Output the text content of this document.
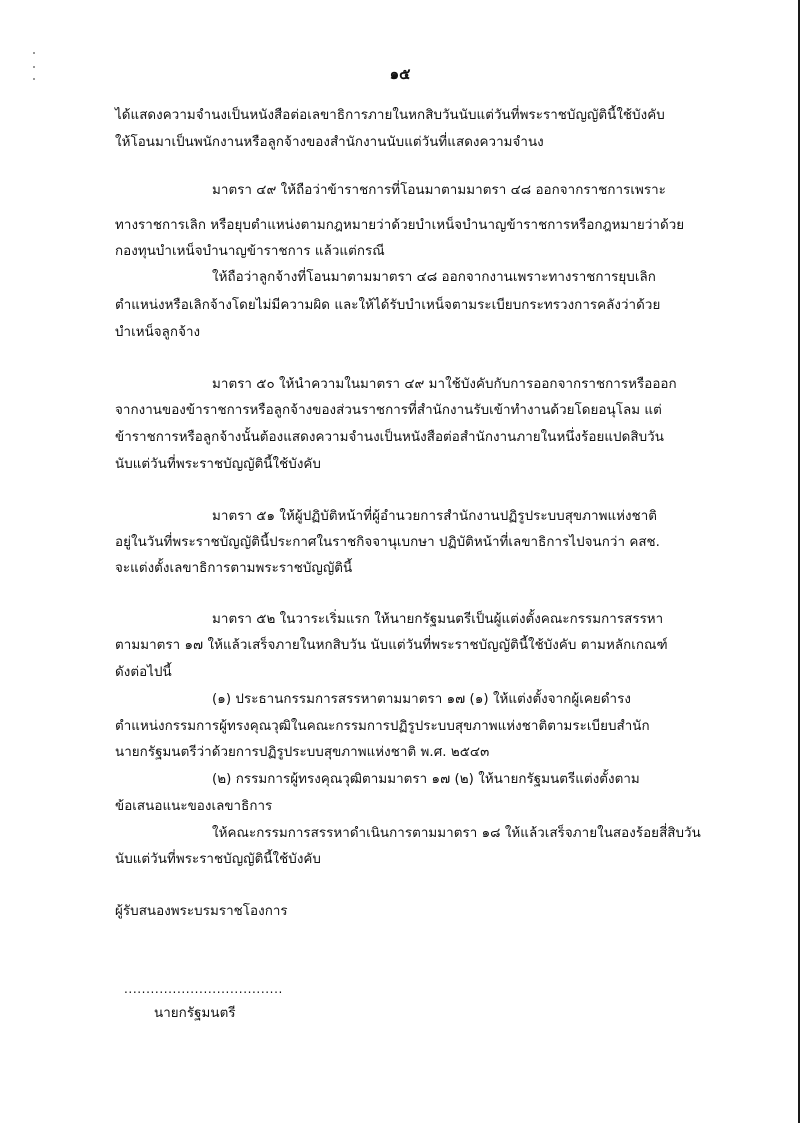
๑๕
ได้แสดงความจำนงเป็นหนังสือต่อเลขาธิการภายในหกสิบวันนับแต่วันที่พระราชบัญญัตินี้ใช้บังคับ
ให้โอนมาเป็นพนักงานหรือลูกจ้างของสำนักงานนับแต่วันที่แสดงความจำนง
มาตรา ๔๙ ให้ถือว่าข้าราชการที่โอนมาตามมาตรา ๔๘ ออกจากราชการเพราะ
ทางราชการเลิก หรือยุบตำแหน่งตามกฎหมายว่าด้วยบำเหน็จบำนาญข้าราชการหรือกฎหมายว่าด้วย
กองทุนบำเหน็จบำนาญข้าราชการ แล้วแต่กรณี
ให้ถือว่าลูกจ้างที่โอนมาตามมาตรา ๔๘ ออกจากงานเพราะทางราชการยุบเลิก
ตำแหน่งหรือเลิกจ้างโดยไม่มีความผิด และให้ได้รับบำเหน็จตามระเบียบกระทรวงการคลังว่าด้วย
บำเหน็จลูกจ้าง
มาตรา ๕๐ ให้นำความในมาตรา ๔๙ มาใช้บังคับกับการออกจากราชการหรือออก
จากงานของข้าราชการหรือลูกจ้างของส่วนราชการที่สำนักงานรับเข้าทำงานด้วยโดยอนุโลม แต่
ข้าราชการหรือลูกจ้างนั้นต้องแสดงความจำนงเป็นหนังสือต่อสำนักงานภายในหนึ่งร้อยแปดสิบวัน
นับแต่วันที่พระราชบัญญัตินี้ใช้บังคับ
มาตรา ๕๑ ให้ผู้ปฏิบัติหน้าที่ผู้อำนวยการสำนักงานปฏิรูประบบสุขภาพแห่งชาติ
อยู่ในวันที่พระราชบัญญัตินี้ประกาศในราชกิจจานุเบกษา ปฏิบัติหน้าที่เลขาธิการไปจนกว่า คสช.
จะแต่งตั้งเลขาธิการตามพระราชบัญญัตินี้
มาตรา ๕๒ ในวาระเริ่มแรก ให้นายกรัฐมนตรีเป็นผู้แต่งตั้งคณะกรรมการสรรหา
ตามมาตรา ๑๗ ให้แล้วเสร็จภายในหกสิบวัน นับแต่วันที่พระราชบัญญัตินี้ใช้บังคับ ตามหลักเกณฑ์
ดังต่อไปนี้
(๑) ประธานกรรมการสรรหาตามมาตรา ๑๗ (๑) ให้แต่งตั้งจากผู้เคยดำรง
ตำแหน่งกรรมการผู้ทรงคุณวุฒิในคณะกรรมการปฏิรูประบบสุขภาพแห่งชาติตามระเบียบสำนัก
นายกรัฐมนตรีว่าด้วยการปฏิรูประบบสุขภาพแห่งชาติ พ.ศ. ๒๕๔๓
(๒) กรรมการผู้ทรงคุณวุฒิตามมาตรา ๑๗ (๒) ให้นายกรัฐมนตรีแต่งตั้งตาม
ข้อเสนอแนะของเลขาธิการ
ให้คณะกรรมการสรรหาดำเนินการตามมาตรา ๑๘ ให้แล้วเสร็จภายในสองร้อยสี่สิบวัน
นับแต่วันที่พระราชบัญญัตินี้ใช้บังคับ
ผู้รับสนองพระบรมราชโองการ
....................................
นายกรัฐมนตรี
